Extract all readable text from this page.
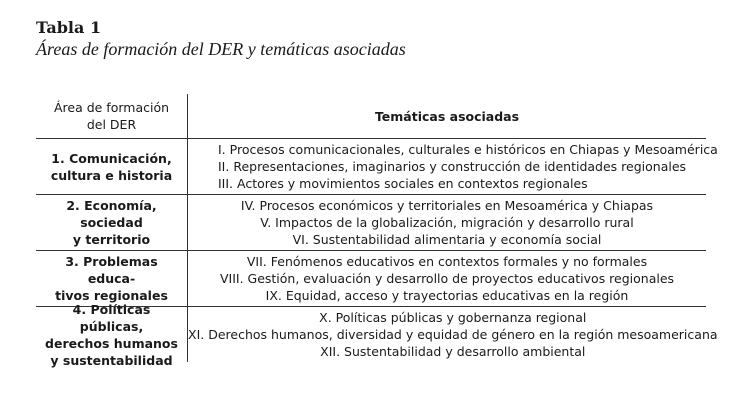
Tabla 1
Áreas de formación del DER y temáticas asociadas
Área de formación
del DER
Temáticas asociadas
1. Comunicación,
cultura e historia
I. Procesos comunicacionales, culturales e históricos en Chiapas y Mesoamérica
II. Representaciones, imaginarios y construcción de identidades regionales
III. Actores y movimientos sociales en contextos regionales
2. Economía, sociedad
y territorio
IV. Procesos económicos y territoriales en Mesoamérica y Chiapas
V. Impactos de la globalización, migración y desarrollo rural
VI. Sustentabilidad alimentaria y economía social
3. Problemas educa-
tivos regionales
VII. Fenómenos educativos en contextos formales y no formales
VIII. Gestión, evaluación y desarrollo de proyectos educativos regionales
IX. Equidad, acceso y trayectorias educativas en la región
4. Políticas públicas,
derechos humanos
y sustentabilidad
X. Políticas públicas y gobernanza regional
XI. Derechos humanos, diversidad y equidad de género en la región mesoamericana
XII. Sustentabilidad y desarrollo ambiental
